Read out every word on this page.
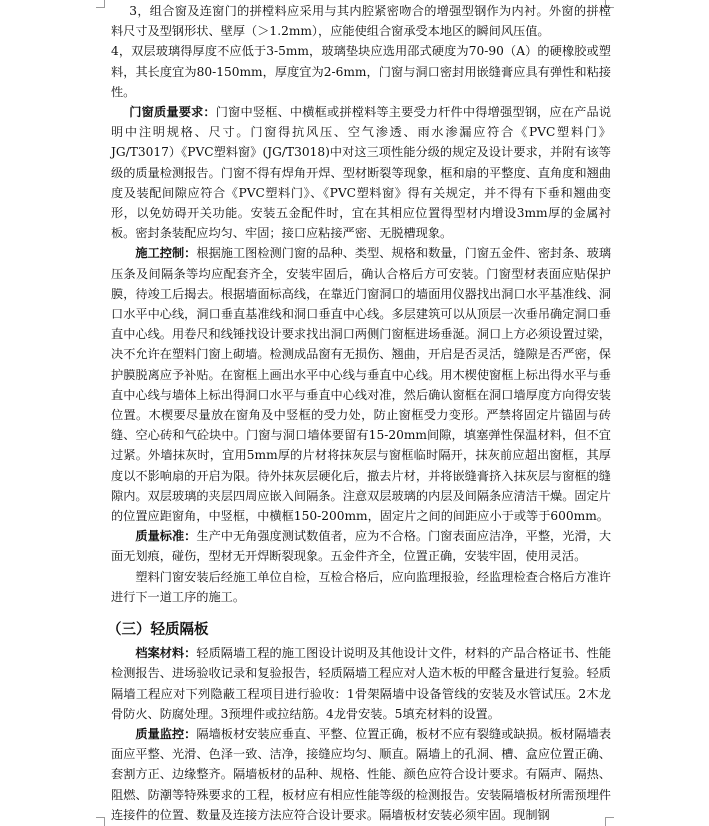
3，组合窗及连窗门的拼樘料应采用与其内腔紧密吻合的增强型钢作为内衬。外窗的拼樘料尺寸及型钢形状、壁厚（＞1.2mm），应能使组合窗承受本地区的瞬间风压值。

4，双层玻璃得厚度不应低于3-5mm，玻璃垫块应选用邵式硬度为70-90（A）的硬橡胶或塑料，其长度宜为80-150mm，厚度宜为2-6mm，门窗与洞口密封用嵌缝膏应具有弹性和粘接性。

门窗质量要求：门窗中竖框、中横框或拼樘料等主要受力杆件中得增强型钢，应在产品说明中注明规格、尺寸。门窗得抗风压、空气渗透、雨水渗漏应符合《PVC塑料门》JG/T3017）《PVC塑料窗》(JG/T3018)中对这三项性能分级的规定及设计要求，并附有该等级的质量检测报告。门窗不得有焊角开焊、型材断裂等现象，框和扇的平整度、直角度和翘曲度及装配间隙应符合《PVC塑料门》、《PVC塑料窗》得有关规定，并不得有下垂和翘曲变形，以免妨碍开关功能。安装五金配件时，宜在其相应位置得型材内增设3mm厚的金属衬板。密封条装配应均匀、牢固；接口应粘接严密、无脱槽现象。

施工控制：根据施工图检测门窗的品种、类型、规格和数量，门窗五金件、密封条、玻璃压条及间隔条等均应配套齐全，安装牢固后，确认合格后方可安装。门窗型材表面应贴保护膜，待竣工后揭去。根据墙面标高线，在靠近门窗洞口的墙面用仪器找出洞口水平基准线、洞口水平中心线，洞口垂直基准线和洞口垂直中心线。多层建筑可以从顶层一次垂吊确定洞口垂直中心线。用卷尺和线锤找设计要求找出洞口两侧门窗框进场垂涎。洞口上方必须设置过梁，决不允许在塑料门窗上砌墙。检测成品窗有无损伤、翘曲，开启是否灵活，缝隙是否严密，保护膜脱离应予补贴。在窗框上画出水平中心线与垂直中心线。用木楔使窗框上标出得水平与垂直中心线与墙体上标出得洞口水平与垂直中心线对准，然后确认窗框在洞口墙厚度方向得安装位置。木楔要尽量放在窗角及中竖框的受力处，防止窗框受力变形。严禁将固定片锚固与砖缝、空心砖和气砼块中。门窗与洞口墙体要留有15-20mm间隙，填塞弹性保温材料，但不宜过紧。外墙抹灰时，宜用5mm厚的片材将抹灰层与窗框临时隔开，抹灰前应超出窗框，其厚度以不影响扇的开启为限。待外抹灰层硬化后，撤去片材，并将嵌缝膏挤入抹灰层与窗框的缝隙内。双层玻璃的夹层四周应嵌入间隔条。注意双层玻璃的内层及间隔条应清洁干燥。固定片的位置应距窗角，中竖框，中横框150-200mm，固定片之间的间距应小于或等于600mm。

质量标准：生产中无角强度测试数值者，应为不合格。门窗表面应洁净，平整，光滑，大面无划痕，碰伤，型材无开焊断裂现象。五金件齐全，位置正确，安装牢固，使用灵活。

塑料门窗安装后经施工单位自检，互检合格后，应向监理报验，经监理检查合格后方准许进行下一道工序的施工。

（三）轻质隔板

档案材料：轻质隔墙工程的施工图设计说明及其他设计文件，材料的产品合格证书、性能检测报告、进场验收记录和复验报告，轻质隔墙工程应对人造木板的甲醛含量进行复验。轻质隔墙工程应对下列隐蔽工程项目进行验收：1骨架隔墙中设备管线的安装及水管试压。2木龙骨防火、防腐处理。3预埋件或拉结筋。4龙骨安装。5填充材料的设置。

质量监控：隔墙板材安装应垂直、平整、位置正确，板材不应有裂缝或缺损。板材隔墙表面应平整、光滑、色泽一致、洁净，接缝应均匀、顺直。隔墙上的孔洞、槽、盒应位置正确、套割方正、边缘整齐。隔墙板材的品种、规格、性能、颜色应符合设计要求。有隔声、隔热、阻燃、防潮等特殊要求的工程，板材应有相应性能等级的检测报告。安装隔墙板材所需预埋件连接件的位置、数量及连接方法应符合设计要求。隔墙板材安装必须牢固。现制钢
